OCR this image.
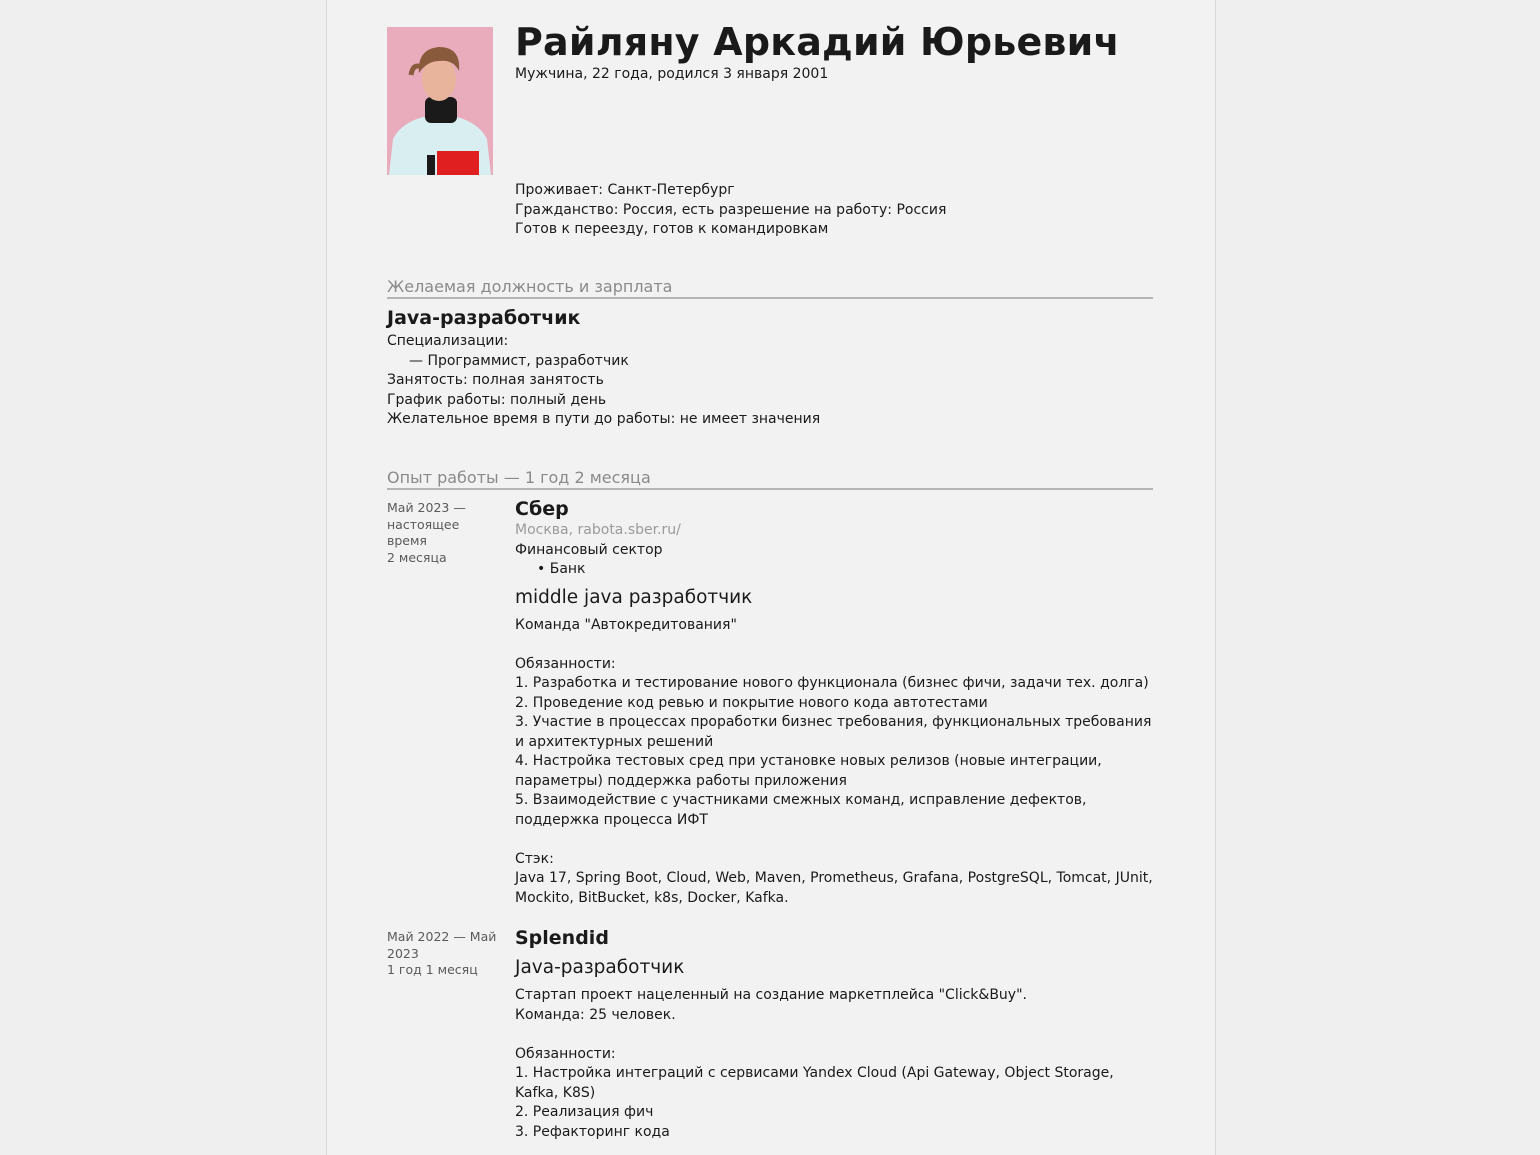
Райляну Аркадий Юрьевич
Мужчина, 22 года, родился 3 января 2001
Проживает: Санкт-Петербург
Гражданство: Россия, есть разрешение на работу: Россия
Готов к переезду, готов к командировкам
Желаемая должность и зарплата
Java-разработчик
Специализации:
— Программист, разработчик
Занятость: полная занятость
График работы: полный день
Желательное время в пути до работы: не имеет значения
Опыт работы — 1 год 2 месяца
Май 2023 —
настоящее время
2 месяца
Сбер
Москва, rabota.sber.ru/
Финансовый сектор
• Банк
middle java разработчик
Команда "Автокредитования"
Обязанности:
1. Разработка и тестирование нового функционала (бизнес фичи, задачи тех. долга)
2. Проведение код ревью и покрытие нового кода автотестами
3. Участие в процессах проработки бизнес требования, функциональных требования и архитектурных решений
4. Настройка тестовых сред при установке новых релизов (новые интеграции, параметры) поддержка работы приложения
5. Взаимодействие с участниками смежных команд, исправление дефектов, поддержка процесса ИФТ
Стэк:
Java 17, Spring Boot, Cloud, Web, Maven, Prometheus, Grafana, PostgreSQL, Tomcat, JUnit, Mockito, BitBucket, k8s, Docker, Kafka.
Май 2022 — Май 2023
1 год 1 месяц
Splendid
Java-разработчик
Стартап проект нацеленный на создание маркетплейса "Click&Buy".
Команда: 25 человек.
Обязанности:
1. Настройка интеграций с сервисами Yandex Cloud (Api Gateway, Object Storage, Kafka, K8S)
2. Реализация фич
3. Рефакторинг кода
